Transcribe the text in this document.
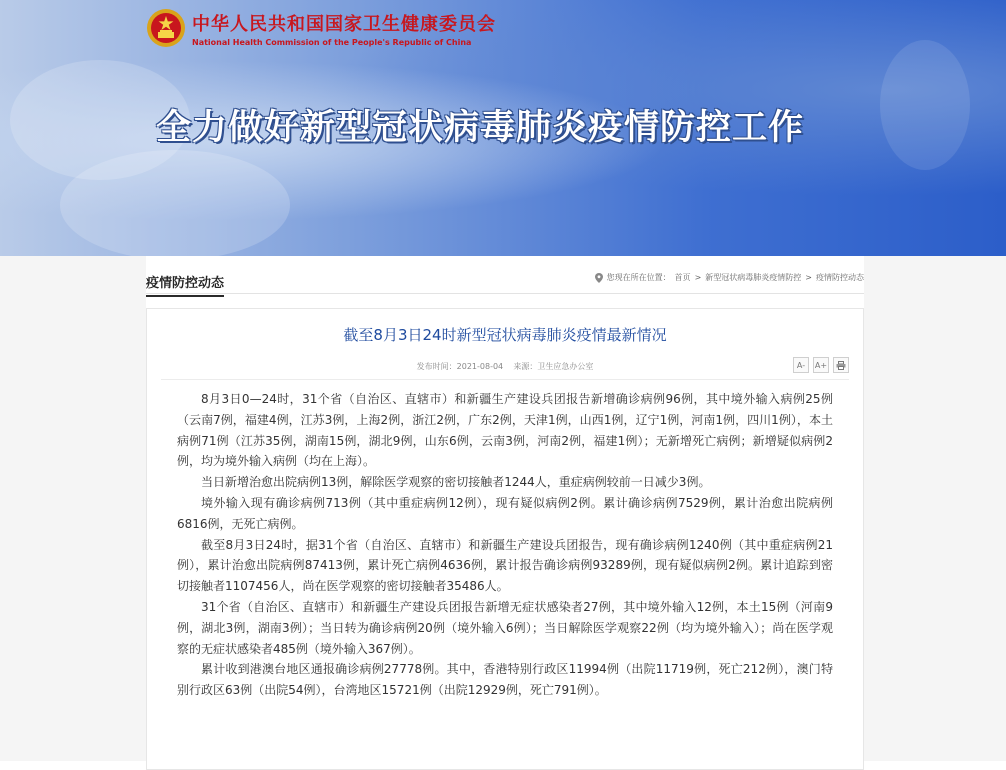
中华人民共和国国家卫生健康委员会
National Health Commission of the People's Republic of China
全力做好新型冠状病毒肺炎疫情防控工作
疫情防控动态	您现在所在位置： 首页 > 新型冠状病毒肺炎疫情防控 > 疫情防控动态
截至8月3日24时新型冠状病毒肺炎疫情最新情况
发布时间：2021-08-04 来源：卫生应急办公室	A-	A+

8月3日0—24时，31个省（自治区、直辖市）和新疆生产建设兵团报告新增确诊病例96例，其中境外输入病例25例（云南7例，福建4例，江苏3例，上海2例，浙江2例，广东2例，天津1例，山西1例，辽宁1例，河南1例，四川1例），本土病例71例（江苏35例，湖南15例，湖北9例，山东6例，云南3例，河南2例，福建1例）；无新增死亡病例；新增疑似病例2例，均为境外输入病例（均在上海）。

当日新增治愈出院病例13例，解除医学观察的密切接触者1244人，重症病例较前一日减少3例。

境外输入现有确诊病例713例（其中重症病例12例），现有疑似病例2例。累计确诊病例7529例，累计治愈出院病例6816例，无死亡病例。

截至8月3日24时，据31个省（自治区、直辖市）和新疆生产建设兵团报告，现有确诊病例1240例（其中重症病例21例），累计治愈出院病例87413例，累计死亡病例4636例，累计报告确诊病例93289例，现有疑似病例2例。累计追踪到密切接触者1107456人，尚在医学观察的密切接触者35486人。

31个省（自治区、直辖市）和新疆生产建设兵团报告新增无症状感染者27例，其中境外输入12例，本土15例（河南9例，湖北3例，湖南3例）；当日转为确诊病例20例（境外输入6例）；当日解除医学观察22例（均为境外输入）；尚在医学观察的无症状感染者485例（境外输入367例）。

累计收到港澳台地区通报确诊病例27778例。其中，香港特别行政区11994例（出院11719例，死亡212例），澳门特别行政区63例（出院54例），台湾地区15721例（出院12929例，死亡791例）。
